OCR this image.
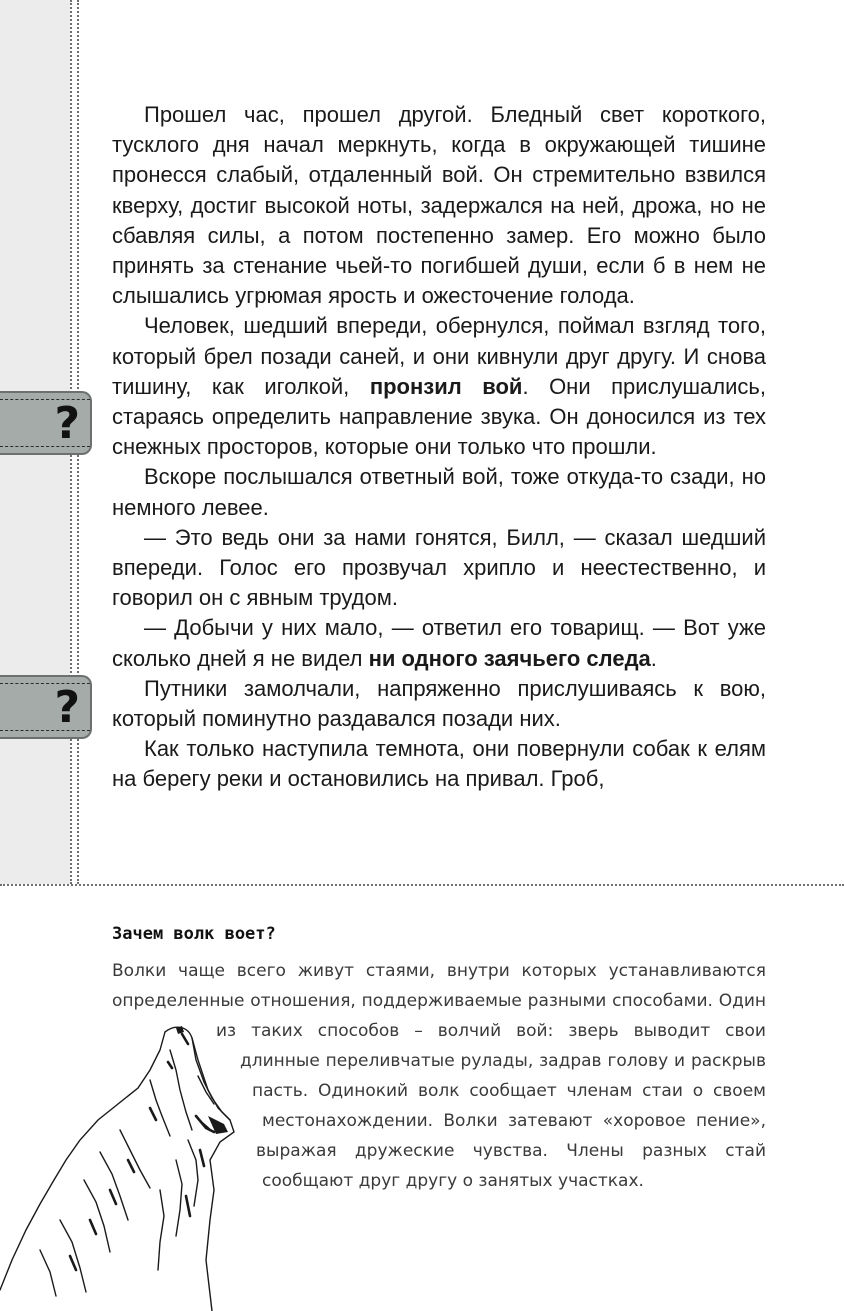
?
?

Прошел час, прошел другой. Бледный свет короткого, тусклого дня начал меркнуть, когда в окружающей тишине пронесся слабый, отдаленный вой. Он стремительно взвился кверху, достиг высокой ноты, задержался на ней, дрожа, но не сбавляя силы, а потом постепенно замер. Его можно было принять за стенание чьей-то погибшей души, если б в нем не слышались угрюмая ярость и ожесточение голода.

Человек, шедший впереди, обернулся, поймал взгляд того, который брел позади саней, и они кивнули друг другу. И снова тишину, как иголкой, пронзил вой. Они прислушались, стараясь определить направление звука. Он доносился из тех снежных просторов, которые они только что прошли.

Вскоре послышался ответный вой, тоже откуда-то сзади, но немного левее.

— Это ведь они за нами гонятся, Билл, — сказал шедший впереди. Голос его прозвучал хрипло и неестественно, и говорил он с явным трудом.

— Добычи у них мало, — ответил его товарищ. — Вот уже сколько дней я не видел ни одного заячьего следа.

Путники замолчали, напряженно прислушиваясь к вою, который поминутно раздавался позади них.

Как только наступила темнота, они повернули собак к елям на берегу реки и остановились на привал. Гроб,

Зачем волк воет?
Волки чаще всего живут стаями, внутри которых устанавливаются определенные отношения, поддерживаемые разными способами. Один из таких способов – волчий вой: зверь выводит свои длинные переливчатые рулады, задрав голову и раскрыв пасть. Одинокий волк сообщает членам стаи о своем местонахождении. Волки затевают «хоровое пение», выражая дружеские чувства. Члены разных стай сообщают друг другу о занятых участках.
